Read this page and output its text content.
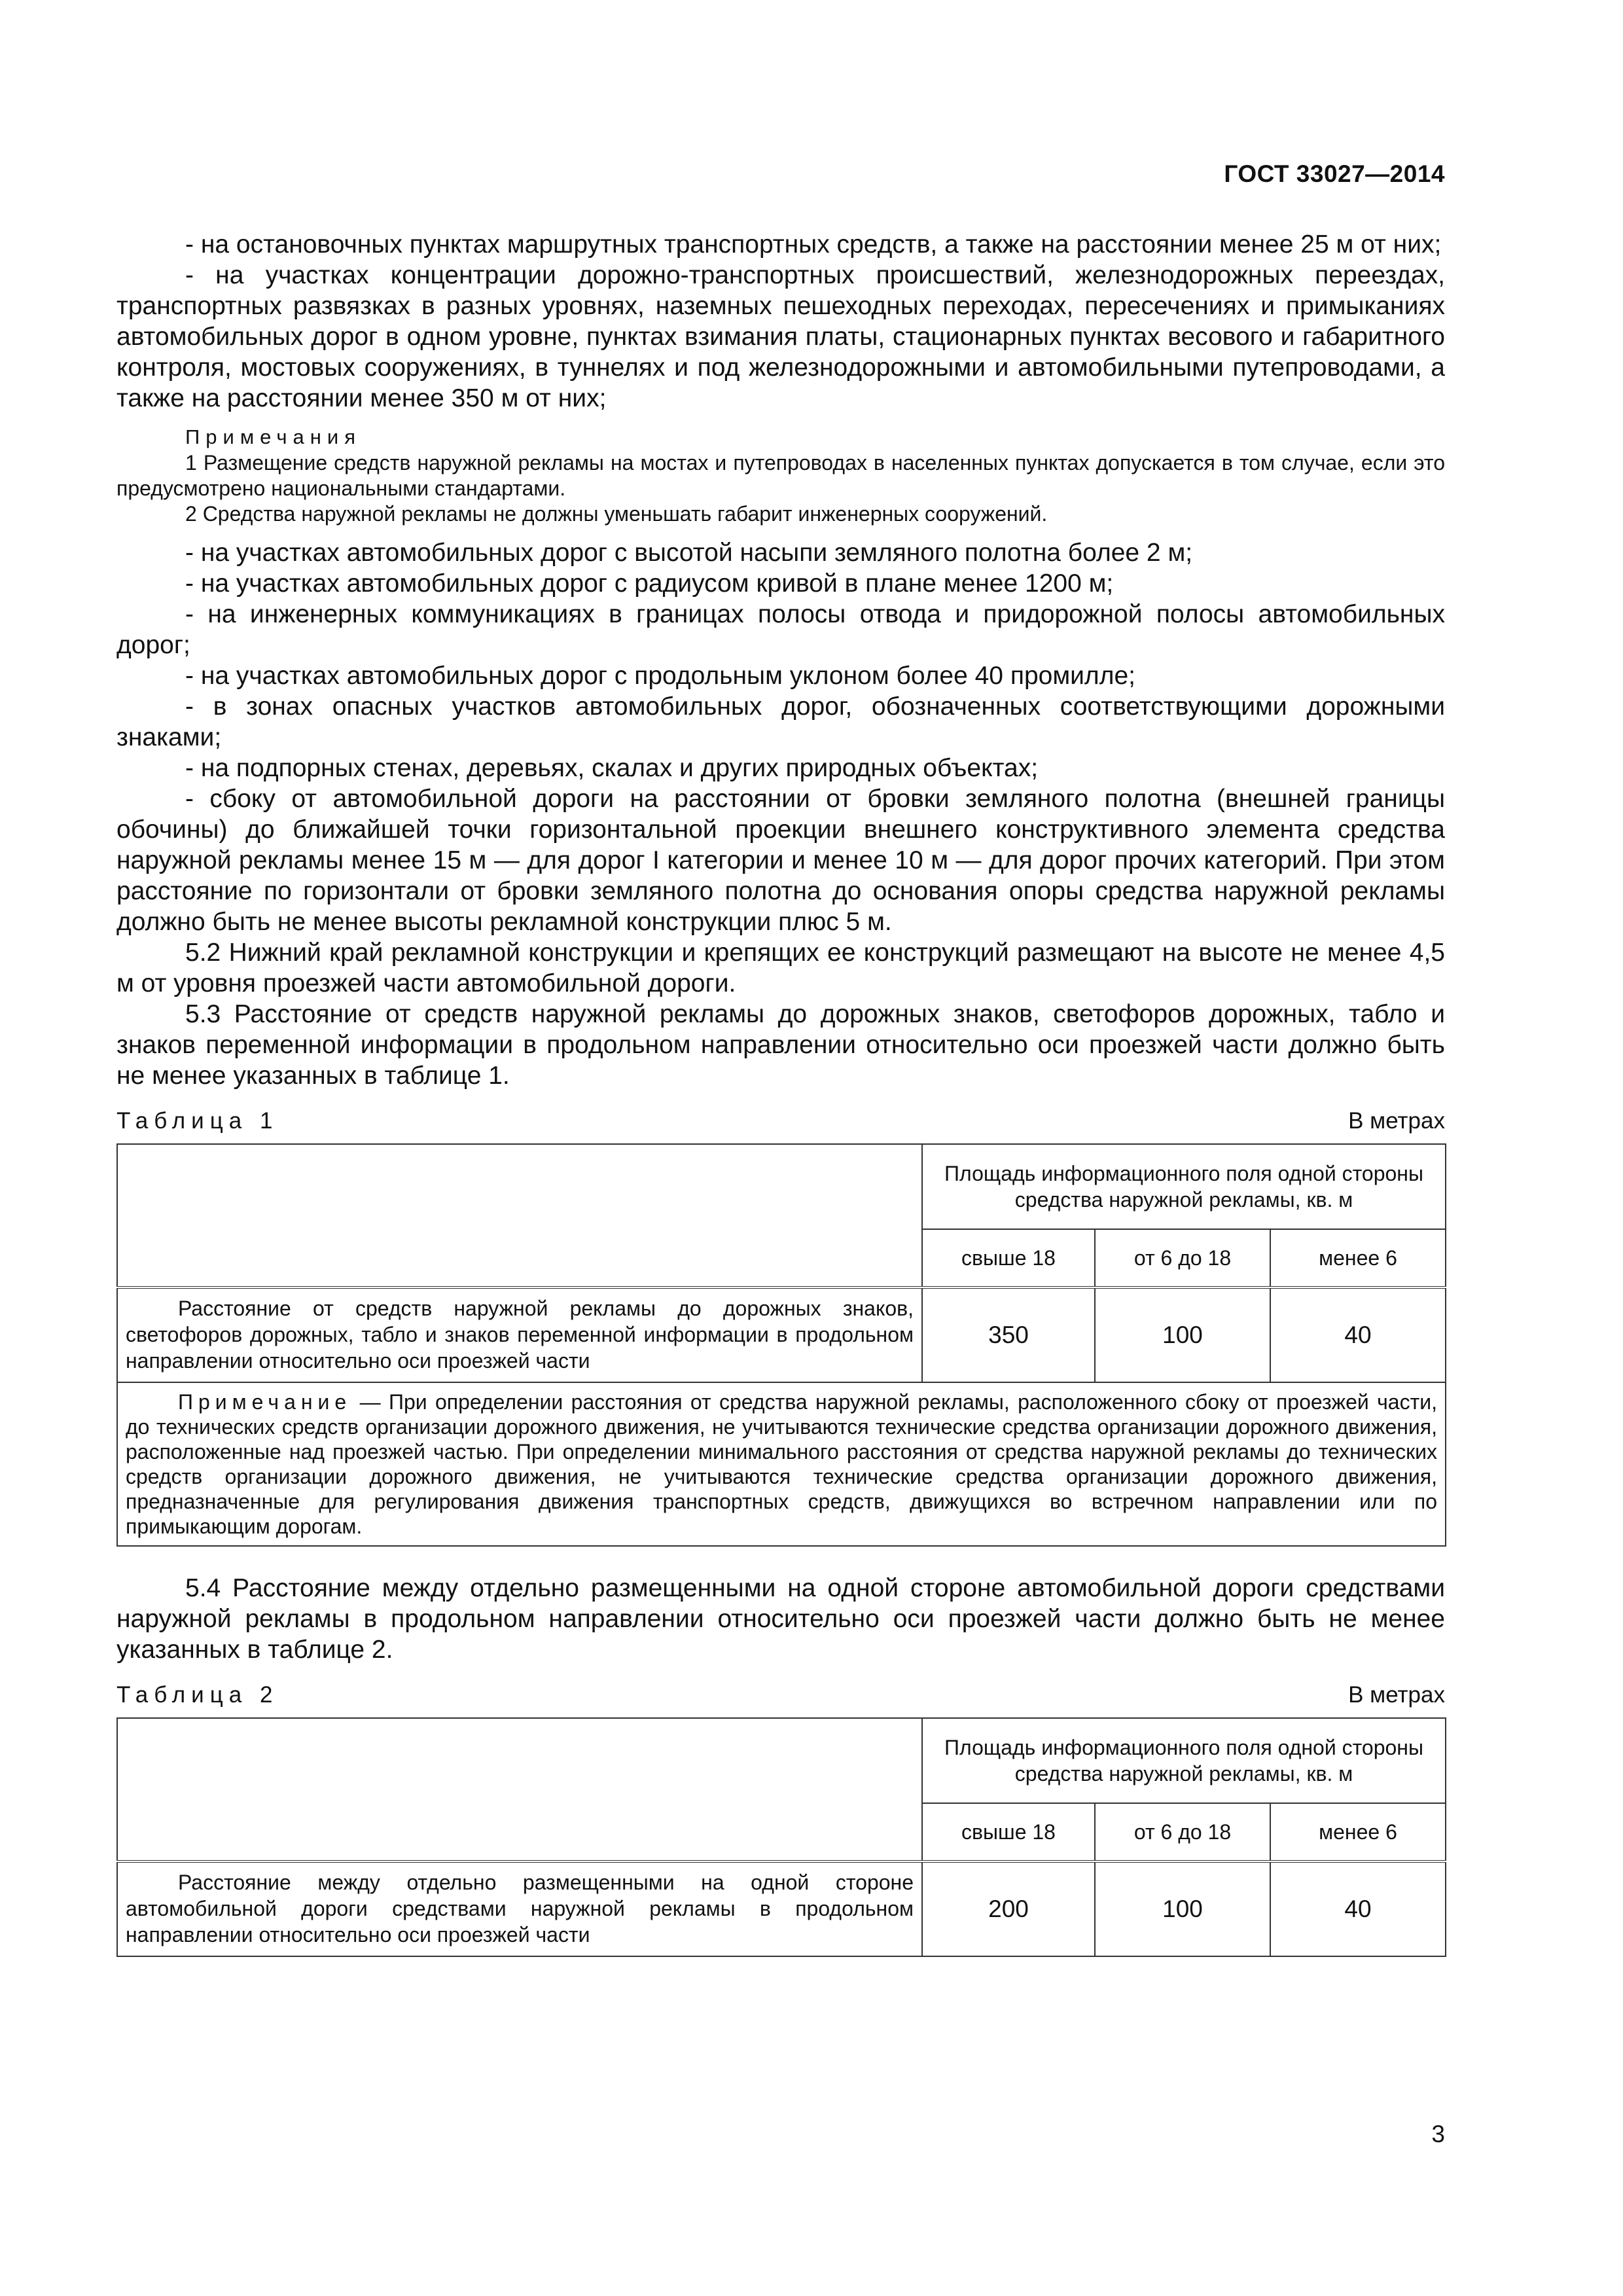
ГОСТ 33027—2014

- на остановочных пунктах маршрутных транспортных средств, а также на расстоянии менее 25 м от них;

- на участках концентрации дорожно-транспортных происшествий, железнодорожных переездах, транспортных развязках в разных уровнях, наземных пешеходных переходах, пересечениях и примыканиях автомобильных дорог в одном уровне, пунктах взимания платы, стационарных пунктах весового и габаритного контроля, мостовых сооружениях, в туннелях и под железнодорожными и автомобильными путепроводами, а также на расстоянии менее 350 м от них;

Примечания

1 Размещение средств наружной рекламы на мостах и путепроводах в населенных пунктах допускается в том случае, если это предусмотрено национальными стандартами.

2 Средства наружной рекламы не должны уменьшать габарит инженерных сооружений.

- на участках автомобильных дорог с высотой насыпи земляного полотна более 2 м;

- на участках автомобильных дорог с радиусом кривой в плане менее 1200 м;

- на инженерных коммуникациях в границах полосы отвода и придорожной полосы автомобильных дорог;

- на участках автомобильных дорог с продольным уклоном более 40 промилле;

- в зонах опасных участков автомобильных дорог, обозначенных соответствующими дорожными знаками;

- на подпорных стенах, деревьях, скалах и других природных объектах;

- сбоку от автомобильной дороги на расстоянии от бровки земляного полотна (внешней границы обочины) до ближайшей точки горизонтальной проекции внешнего конструктивного элемента средства наружной рекламы менее 15 м — для дорог I категории и менее 10 м — для дорог прочих категорий. При этом расстояние по горизонтали от бровки земляного полотна до основания опоры средства наружной рекламы должно быть не менее высоты рекламной конструкции плюс 5 м.

5.2 Нижний край рекламной конструкции и крепящих ее конструкций размещают на высоте не менее 4,5 м от уровня проезжей части автомобильной дороги.

5.3 Расстояние от средств наружной рекламы до дорожных знаков, светофоров дорожных, табло и знаков переменной информации в продольном направлении относительно оси проезжей части должно быть не менее указанных в таблице 1.

Таблица 1	В метрах
	Площадь информационного поля одной стороны средства наружной рекламы, кв. м		
	свыше 18	от 6 до 18	менее 6
Расстояние от средств наружной рекламы до дорожных знаков, светофоров дорожных, табло и знаков переменной информации в продольном направлении относительно оси проезжей части	350	100	40
Примечание — При определении расстояния от средства наружной рекламы, расположенного сбоку от проезжей части, до технических средств организации дорожного движения, не учитываются технические средства организации дорожного движения, расположенные над проезжей частью. При определении минимального расстояния от средства наружной рекламы до технических средств организации дорожного движения, не учитываются технические средства организации дорожного движения, предназначенные для регулирования движения транспортных средств, движущихся во встречном направлении или по примыкающим дорогам.			

5.4 Расстояние между отдельно размещенными на одной стороне автомобильной дороги средствами наружной рекламы в продольном направлении относительно оси проезжей части должно быть не менее указанных в таблице 2.

Таблица 2	В метрах
	Площадь информационного поля одной стороны средства наружной рекламы, кв. м		
	свыше 18	от 6 до 18	менее 6
Расстояние между отдельно размещенными на одной стороне автомобильной дороги средствами наружной рекламы в продольном направлении относительно оси проезжей части	200	100	40
3
